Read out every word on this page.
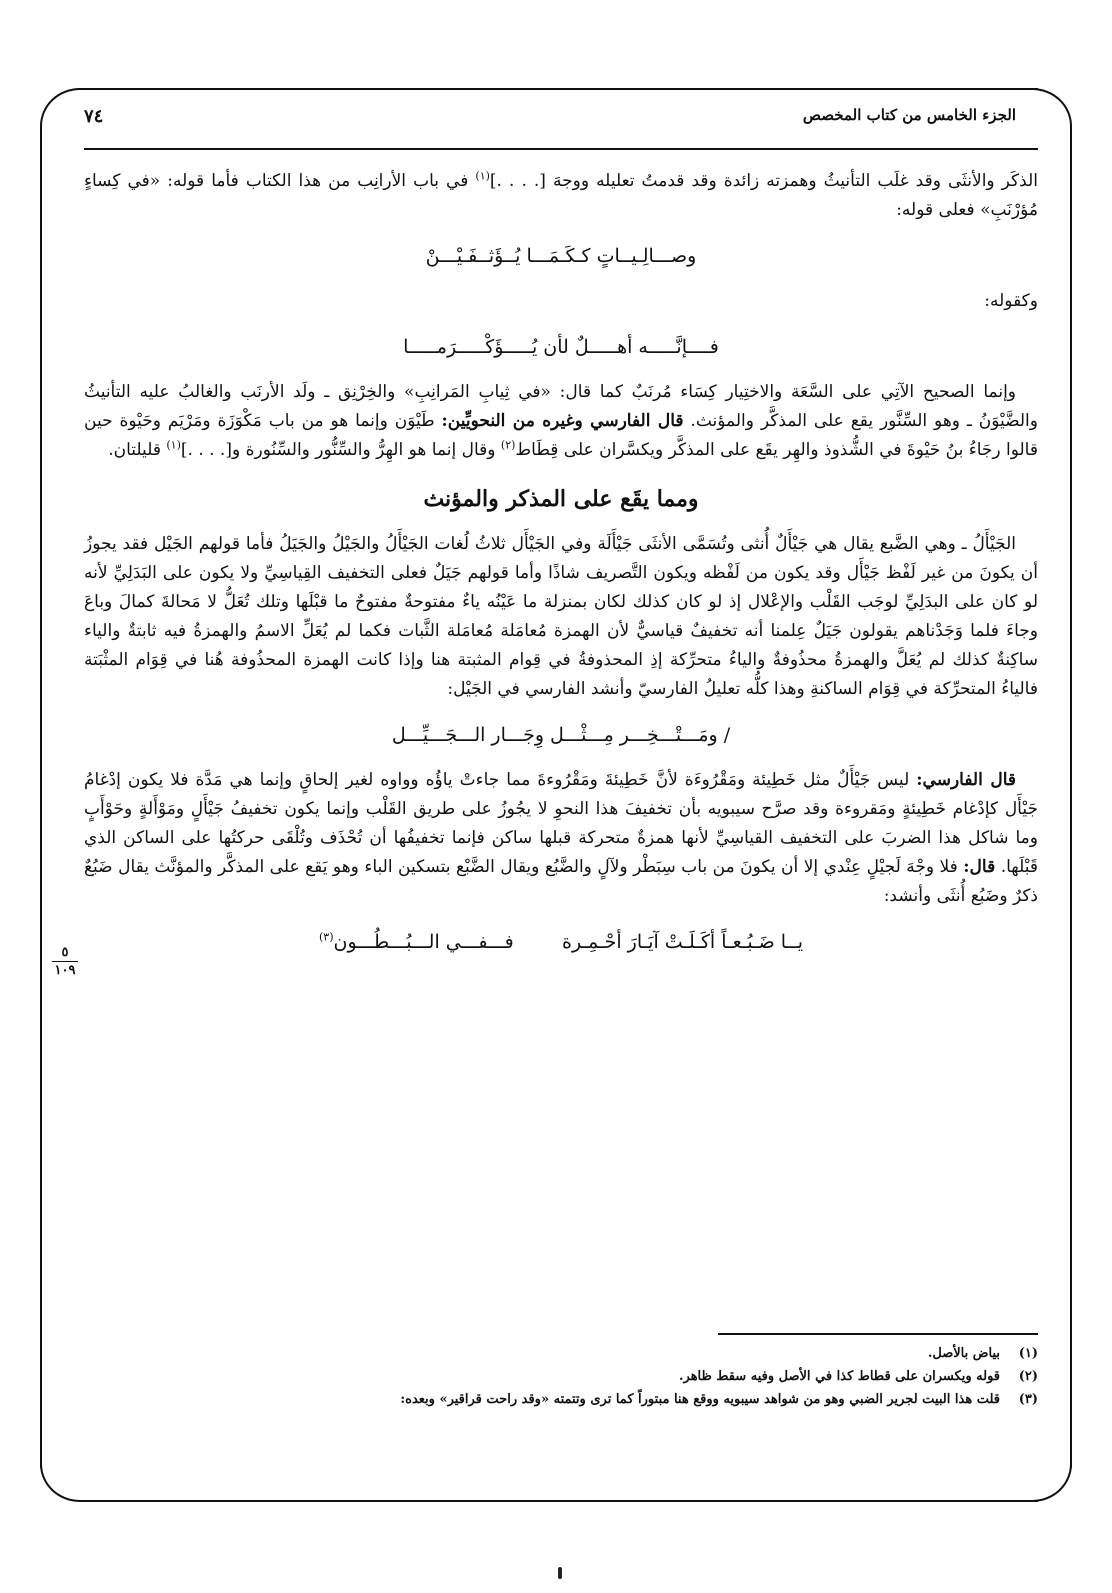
الجزء الخامس من كتاب المخصص
٧٤

الذكَر والأنثَى وقد غلَب التأنيثُ وهمزته زائدة وقد قدمتُ تعليله ووجهَ [. . . .]$^{(١)}$ في باب الأرانِب من هذا الكتاب فأما قوله: «في كِساءٍ مُؤرْنَبِ» فعلى قوله:

وصـــالِـيــاتٍ كـكَـمَـــا يُــؤَثــفَـيْـــنْ

وكقوله:

فــــإنَّـــــه أهـــــلٌ لأن يُـــــؤَكْـــــرَمـــــا

وإنما الصحيح الآتِي على السَّعَة والاختِيار كِسَاء مُرنَبٌ كما قال: «في ثِيابِ المَرانِبِ» والخِرْنِق ـ ولَد الأرنَب والغالبُ عليه التأنيثُ والضَّيْوَنُ ـ وهو السِّنَّور يقع على المذكَّر والمؤنث. قال الفارسي وغيره من النحويِّين: طَيْوَن وإنما هو من باب مَكْوَزَة ومَرْيَم وحَيْوة حين قالوا رجَاءُ بنُ حَيْوةَ في الشُّذوذ والهِر يقَع على المذكَّر ويكسَّران على قِطَاط$^{(٢)}$ وقال إنما هو الهِرُّ والسِّنُّور والسِّنُورة و[. . . .]$^{(١)}$ قليلتان.

ومما يقَع على المذكر والمؤنث

الجَيْأَلُ ـ وهي الضَّبع يقال هي جَيْأَلٌ أُنثى وتُسَمَّى الأنثَى جَيْأَلَة وفي الجَيْأَل ثلاثُ لُغات الجَيْأَلُ والجَيْلُ والجَيَلُ فأما قولهم الجَيْل فقد يجوزُ أن يكونَ من غير لَفْظ جَيْأَل وقد يكون من لَفْظه ويكون التَّصريف شاذًا وأما قولهم جَيَلٌ فعلى التخفيف القِياسِيِّ ولا يكون على البَدَلِيِّ لأنه لو كان على البدَلِيِّ لوجَب القَلْب والإعْلال إذ لو كان كذلك لكان بمنزلة ما عَيْنُه ياءٌ مفتوحةٌ مفتوحٌ ما قبْلَها وتلك تُعَلُّ لا مَحالةَ كمالَ وباعَ وجاءَ فلما وَجَدْناهم يقولون جَيَلٌ عِلمنا أنه تخفيفٌ قياسيٌّ لأن الهمزة مُعامَلة مُعامَلة الثَّبات فكما لم يُعَلِّ الاسمُ والهمزةُ فيه ثابتةٌ والياء ساكِنةٌ كذلك لم يُعَلَّ والهمزةُ محذُوفةٌ والياءُ متحرِّكة إذِ المحذوفةُ في قِوام المثبتة هنا وإذا كانت الهمزة المحذُوفة هُنا في قِوَام المثْبَتة فالياءُ المتحرِّكة في قِوَام الساكنةِ وهذا كلُّه تعليلُ الفارسيّ وأنشد الفارسي في الجَيْل:

/ ومَـــتْـــخِـــر مِـــثْـــل وِجَـــار الـــجَـــيِّـــل

قال الفارسي: ليس جَيْأَلٌ مثل خَطِيئة ومَقْرُوءَة لأنَّ خَطِيئةَ ومَقْرُوءةَ مما جاءتْ ياؤُه وواوه لغير إلحاقٍ وإنما هي مَدَّة فلا يكون إدْغامُ جَيْأَل كإدْغام خَطِيئةٍ ومَقروءة وقد صرَّح سيبويه بأن تخفيفَ هذا النحوِ لا يجُوزُ على طريق القَلْب وإنما يكون تخفيفُ جَيْأَلٍ ومَوْأَلةٍ وحَوْأَبٍ وما شاكل هذا الضربَ على التخفيف القياسِيِّ لأنها همزةٌ متحركة قبلها ساكن فإنما تخفيفُها أن تُحْذَف وتُلْقَى حركتُها على الساكن الذي قَبْلَها. قال: فلا وجْهَ لَجيْلٍ عِنْدي إلا أن يكونَ من باب سِبَطْر ولآلٍ والضَّبُع ويقال الضَّبْع بتسكين الباء وهو يَقع على المذكَّر والمؤنَّث يقال ضَبُعٌ ذكرٌ وضَبُع أُنثَى وأنشد:

يــا ضَـبُـعـاً أكَـلَـتْ آيَـارَ أحْـمِـرة        فـــفـــي الـــبُـــطُـــون$^{(٣)}$

٥
١٠٩
(١)بياض بالأصل.
(٢)قوله ويكسران على قطاط كذا في الأصل وفيه سقط ظاهر.
(٣)قلت هذا البيت لجرير الضبي وهو من شواهد سيبويه ووقع هنا مبتوراً كما ترى وتتمته «وقد راحت قراقير» وبعده:
